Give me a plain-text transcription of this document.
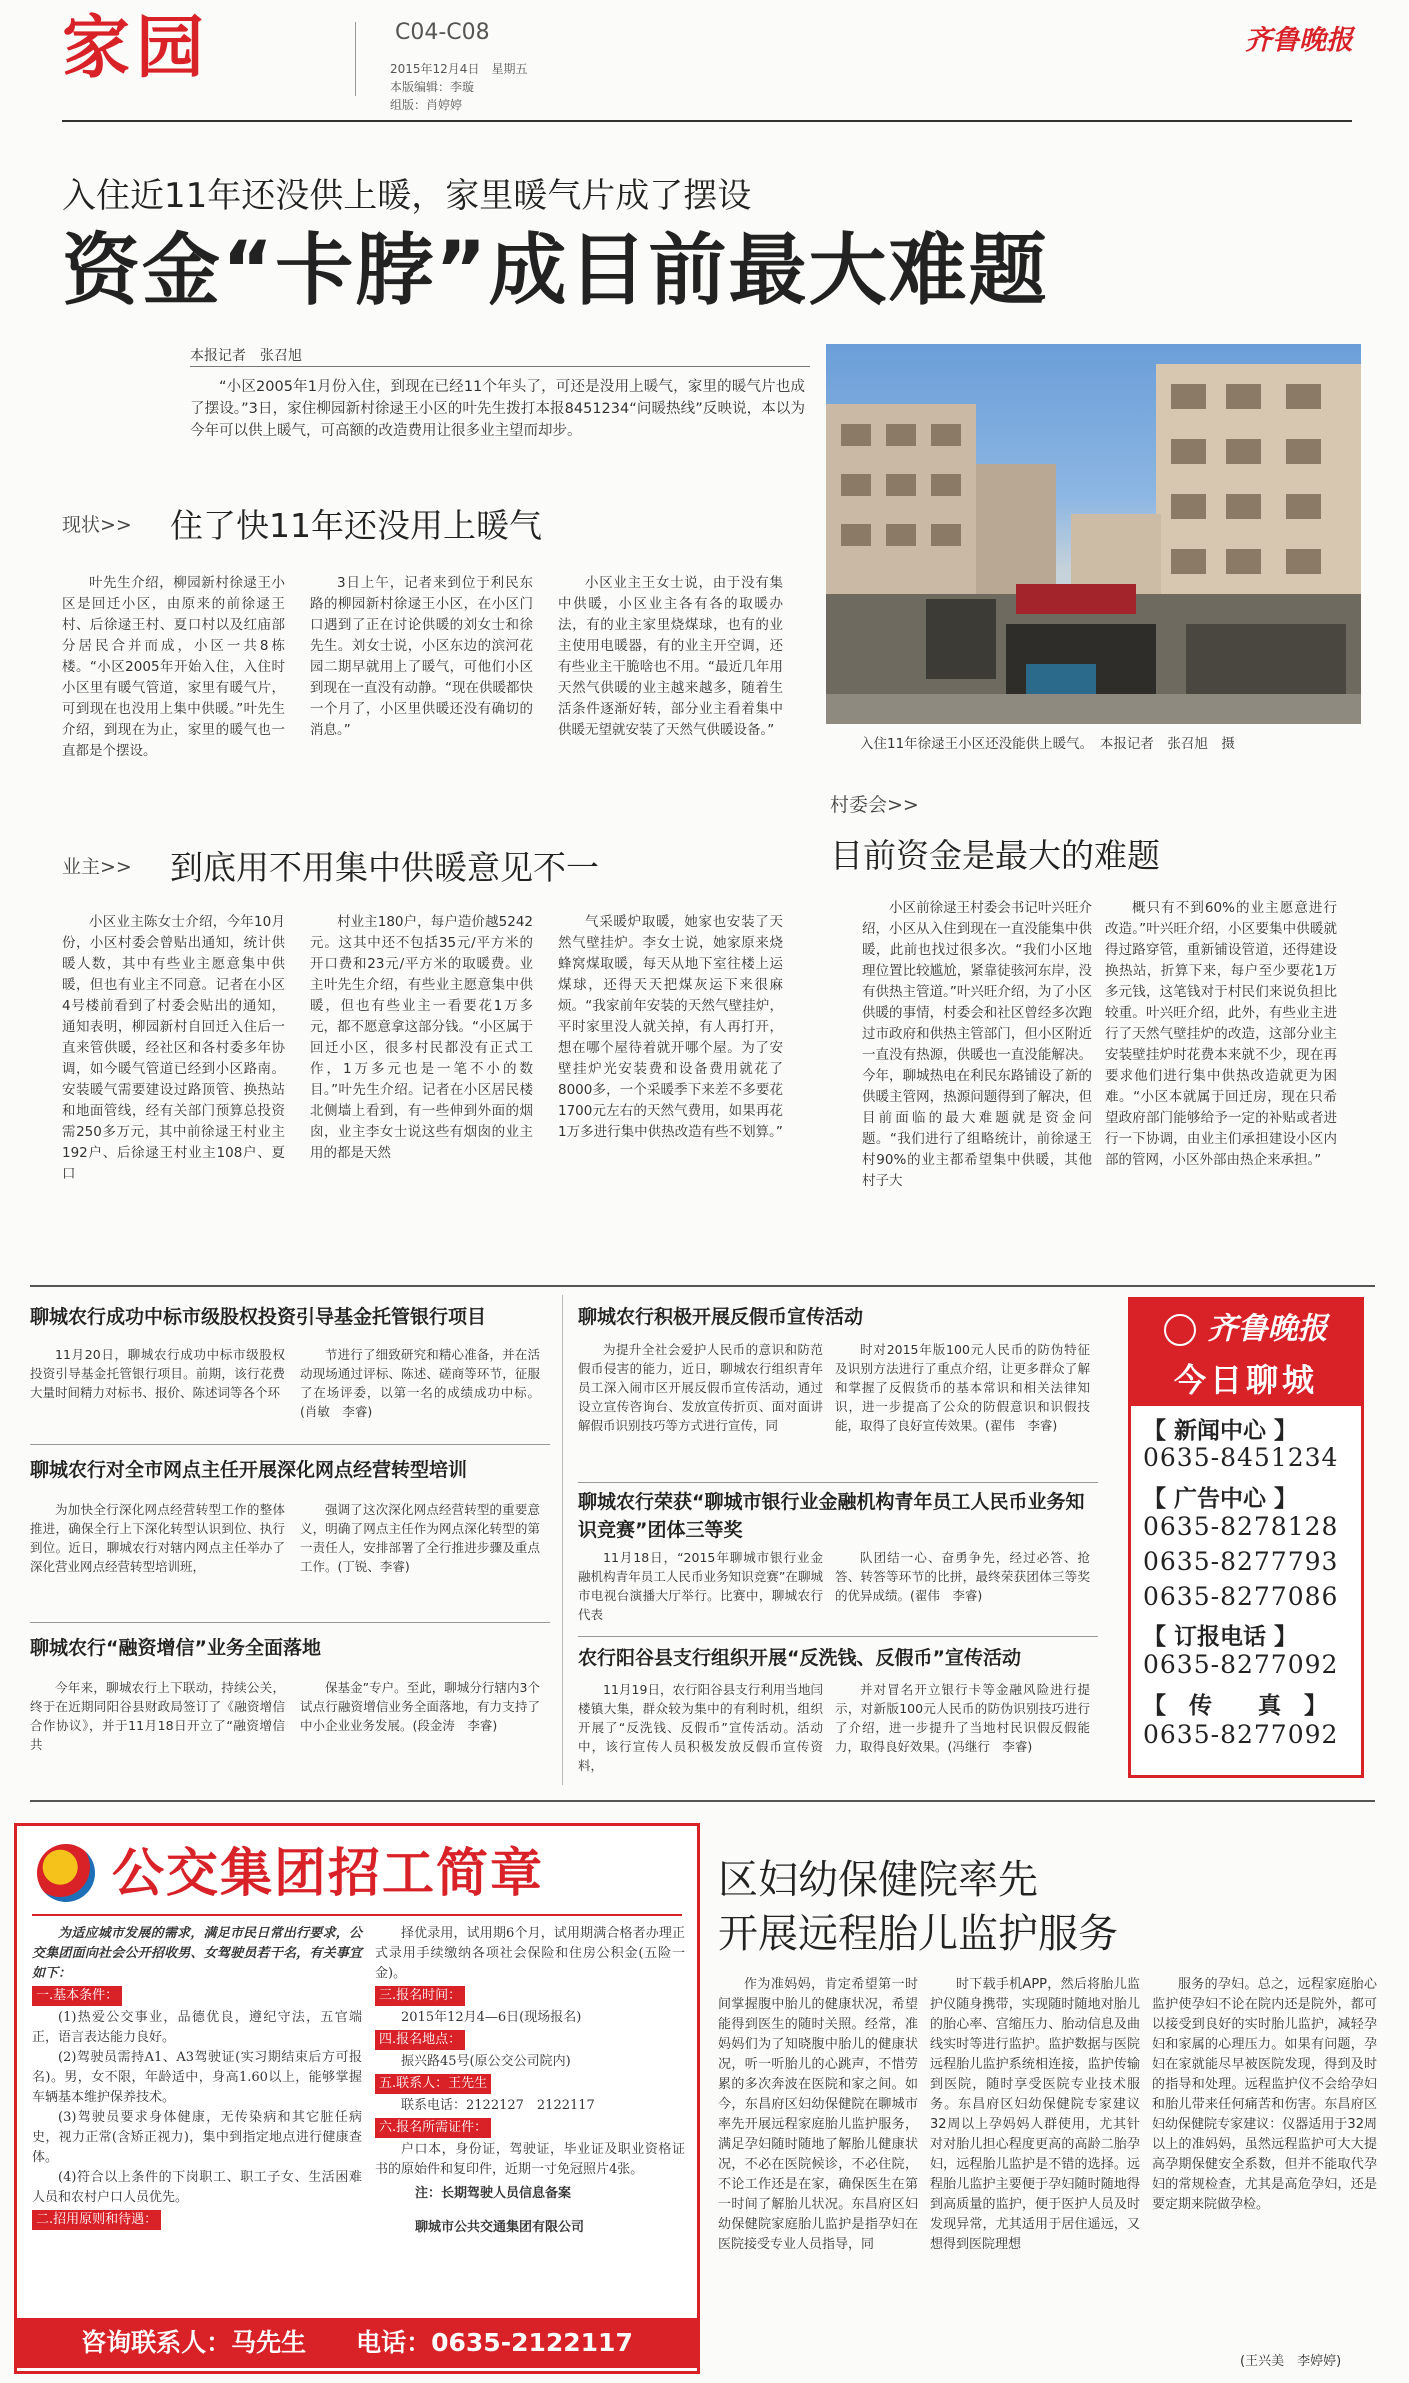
家园	C04-C08
2015年12月4日　星期五
本版编辑：李璇
组版：肖婷婷
齐鲁晚报
入住近11年还没供上暖，家里暖气片成了摆设
资金“卡脖”成目前最大难题
本报记者　张召旭

“小区2005年1月份入住，到现在已经11个年头了，可还是没用上暖气，家里的暖气片也成了摆设。”3日，家住柳园新村徐逯王小区的叶先生拨打本报8451234“问暖热线”反映说，本以为今年可以供上暖气，可高额的改造费用让很多业主望而却步。

入住11年徐逯王小区还没能供上暖气。　本报记者　张召旭　摄
现状>> 住了快11年还没用上暖气

叶先生介绍，柳园新村徐逯王小区是回迁小区，由原来的前徐逯王村、后徐逯王村、夏口村以及红庙部分居民合并而成，小区一共8栋楼。“小区2005年开始入住，入住时小区里有暖气管道，家里有暖气片，可到现在也没用上集中供暖。”叶先生介绍，到现在为止，家里的暖气也一直都是个摆设。

3日上午，记者来到位于利民东路的柳园新村徐逯王小区，在小区门口遇到了正在讨论供暖的刘女士和徐先生。刘女士说，小区东边的滨河花园二期早就用上了暖气，可他们小区到现在一直没有动静。“现在供暖都快一个月了，小区里供暖还没有确切的消息。”

小区业主王女士说，由于没有集中供暖，小区业主各有各的取暖办法，有的业主家里烧煤球，也有的业主使用电暖器，有的业主开空调，还有些业主干脆啥也不用。“最近几年用天然气供暖的业主越来越多，随着生活条件逐渐好转，部分业主看着集中供暖无望就安装了天然气供暖设备。”

业主>> 到底用不用集中供暖意见不一

小区业主陈女士介绍，今年10月份，小区村委会曾贴出通知，统计供暖人数，其中有些业主愿意集中供暖，但也有业主不同意。记者在小区4号楼前看到了村委会贴出的通知，通知表明，柳园新村自回迁入住后一直来管供暖，经社区和各村委多年协调，如今暖气管道已经到小区路南。安装暖气需要建设过路顶管、换热站和地面管线，经有关部门预算总投资需250多万元，其中前徐逯王村业主192户、后徐逯王村业主108户、夏口

村业主180户，每户造价越5242元。这其中还不包括35元/平方米的开口费和23元/平方米的取暖费。业主叶先生介绍，有些业主愿意集中供暖，但也有些业主一看要花1万多元，都不愿意拿这部分钱。“小区属于回迁小区，很多村民都没有正式工作，1万多元也是一笔不小的数目。”叶先生介绍。记者在小区居民楼北侧墙上看到，有一些伸到外面的烟囱，业主李女士说这些有烟囱的业主用的都是天然

气采暖炉取暖，她家也安装了天然气壁挂炉。李女士说，她家原来烧蜂窝煤取暖，每天从地下室往楼上运煤球，还得天天把煤灰运下来很麻烦。“我家前年安装的天然气壁挂炉，平时家里没人就关掉，有人再打开，想在哪个屋待着就开哪个屋。为了安壁挂炉光安装费和设备费用就花了8000多，一个采暖季下来差不多要花1700元左右的天然气费用，如果再花1万多进行集中供热改造有些不划算。”

村委会>>
目前资金是最大的难题

小区前徐逯王村委会书记叶兴旺介绍，小区从入住到现在一直没能集中供暖，此前也找过很多次。“我们小区地理位置比较尴尬，紧靠徒骇河东岸，没有供热主管道。”叶兴旺介绍，为了小区供暖的事情，村委会和社区曾经多次跑过市政府和供热主管部门，但小区附近一直没有热源，供暖也一直没能解决。今年，聊城热电在利民东路铺设了新的供暖主管网，热源问题得到了解决，但目前面临的最大难题就是资金问题。“我们进行了组略统计，前徐逯王村90%的业主都希望集中供暖，其他村子大

概只有不到60%的业主愿意进行改造。”叶兴旺介绍，小区要集中供暖就得过路穿管，重新铺设管道，还得建设换热站，折算下来，每户至少要花1万多元钱，这笔钱对于村民们来说负担比较重。叶兴旺介绍，此外，有些业主进行了天然气壁挂炉的改造，这部分业主安装壁挂炉时花费本来就不少，现在再要求他们进行集中供热改造就更为困难。“小区本就属于回迁房，现在只希望政府部门能够给予一定的补贴或者进行一下协调，由业主们承担建设小区内部的管网，小区外部由热企来承担。”

聊城农行成功中标市级股权投资引导基金托管银行项目

11月20日，聊城农行成功中标市级股权投资引导基金托管银行项目。前期，该行花费大量时间精力对标书、报价、陈述词等各个环

节进行了细致研究和精心准备，并在活动现场通过评标、陈述、磋商等环节，征服了在场评委，以第一名的成绩成功中标。(肖敏　李睿)

聊城农行对全市网点主任开展深化网点经营转型培训

为加快全行深化网点经营转型工作的整体推进，确保全行上下深化转型认识到位、执行到位。近日，聊城农行对辖内网点主任举办了深化营业网点经营转型培训班，

强调了这次深化网点经营转型的重要意义，明确了网点主任作为网点深化转型的第一责任人，安排部署了全行推进步骤及重点工作。(丁锐、李睿)

聊城农行“融资增信”业务全面落地

今年来，聊城农行上下联动，持续公关，终于在近期同阳谷县财政局签订了《融资增信合作协议》，并于11月18日开立了“融资增信共

保基金”专户。至此，聊城分行辖内3个试点行融资增信业务全面落地，有力支持了中小企业业务发展。(段金涛　李睿)

聊城农行积极开展反假币宣传活动

为提升全社会爱护人民币的意识和防范假币侵害的能力，近日，聊城农行组织青年员工深入闹市区开展反假币宣传活动，通过设立宣传咨询台、发放宣传折页、面对面讲解假币识别技巧等方式进行宣传，同

时对2015年版100元人民币的防伪特征及识别方法进行了重点介绍，让更多群众了解和掌握了反假货币的基本常识和相关法律知识，进一步提高了公众的防假意识和识假技能，取得了良好宣传效果。(翟伟　李睿)

聊城农行荣获“聊城市银行业金融机构青年员工人民币业务知识竞赛”团体三等奖

11月18日，“2015年聊城市银行业金融机构青年员工人民币业务知识竞赛”在聊城市电视台演播大厅举行。比赛中，聊城农行代表

队团结一心、奋勇争先，经过必答、抢答、转答等环节的比拼，最终荣获团体三等奖的优异成绩。(翟伟　李睿)

农行阳谷县支行组织开展“反洗钱、反假币”宣传活动

11月19日，农行阳谷县支行利用当地闫楼镇大集，群众较为集中的有利时机，组织开展了“反洗钱、反假币”宣传活动。活动中，该行宣传人员积极发放反假币宣传资料，

并对冒名开立银行卡等金融风险进行提示，对新版100元人民币的防伪识别技巧进行了介绍，进一步提升了当地村民识假反假能力，取得良好效果。(冯继行　李睿)

齐鲁晚报
今日聊城
【 新闻中心 】
0635-8451234
【 广告中心 】
0635-8278128
0635-8277793
0635-8277086
【 订报电话 】
0635-8277092
【　传　　真　】
0635-8277092
公交集团招工简章
为适应城市发展的需求，满足市民日常出行要求，公交集团面向社会公开招收男、女驾驶员若干名，有关事宜如下：
一.基本条件：
(1)热爱公交事业，品德优良，遵纪守法，五官端正，语言表达能力良好。
(2)驾驶员需持A1、A3驾驶证(实习期结束后方可报名)。男，女不限，年龄适中，身高1.60以上，能够掌握车辆基本维护保养技术。
(3)驾驶员要求身体健康，无传染病和其它脏任病史，视力正常(含矫正视力)，集中到指定地点进行健康查体。
(4)符合以上条件的下岗职工、职工子女、生活困难人员和农村户口人员优先。
二.招用原则和待遇：
择优录用，试用期6个月，试用期满合格者办理正式录用手续缴纳各项社会保险和住房公积金(五险一金)。
三.报名时间：
2015年12月4—6日(现场报名)
四.报名地点：
振兴路45号(原公交公司院内)
五.联系人：王先生
联系电话：2122127　2122117
六.报名所需证件：
户口本，身份证，驾驶证，毕业证及职业资格证书的原始件和复印件，近期一寸免冠照片4张。
注：长期驾驶人员信息备案
聊城市公共交通集团有限公司
咨询联系人：马先生　　电话：0635-2122117
区妇幼保健院率先
开展远程胎儿监护服务

作为准妈妈，肯定希望第一时间掌握腹中胎儿的健康状况，希望能得到医生的随时关照。经常，准妈妈们为了知晓腹中胎儿的健康状况，听一听胎儿的心跳声，不惜劳累的多次奔波在医院和家之间。如今，东昌府区妇幼保健院在聊城市率先开展远程家庭胎儿监护服务，满足孕妇随时随地了解胎儿健康状况，不必在医院候诊，不必住院，不论工作还是在家，确保医生在第一时间了解胎儿状况。东昌府区妇幼保健院家庭胎儿监护是指孕妇在医院接受专业人员指导，同

时下载手机APP，然后将胎儿监护仪随身携带，实现随时随地对胎儿的胎心率、宫缩压力、胎动信息及曲线实时等进行监护。监护数据与医院远程胎儿监护系统相连接，监护传输到医院，随时享受医院专业技术服务。东昌府区妇幼保健院专家建议32周以上孕妈妈人群使用，尤其针对对胎儿担心程度更高的高龄二胎孕妇，远程胎儿监护是不错的选择。远程胎儿监护主要便于孕妇随时随地得到高质量的监护，便于医护人员及时发现异常，尤其适用于居住遥远，又想得到医院理想

服务的孕妇。总之，远程家庭胎心监护使孕妇不论在院内还是院外，都可以接受到良好的实时胎儿监护，减轻孕妇和家属的心理压力。如果有问题，孕妇在家就能尽早被医院发现，得到及时的指导和处理。远程监护仪不会给孕妇和胎儿带来任何痛苦和伤害。东昌府区妇幼保健院专家建议：仪器适用于32周以上的准妈妈，虽然远程监护可大大提高孕期保健安全系数，但并不能取代孕妇的常规检查，尤其是高危孕妇，还是要定期来院做孕检。

(王兴美　李婷婷)
